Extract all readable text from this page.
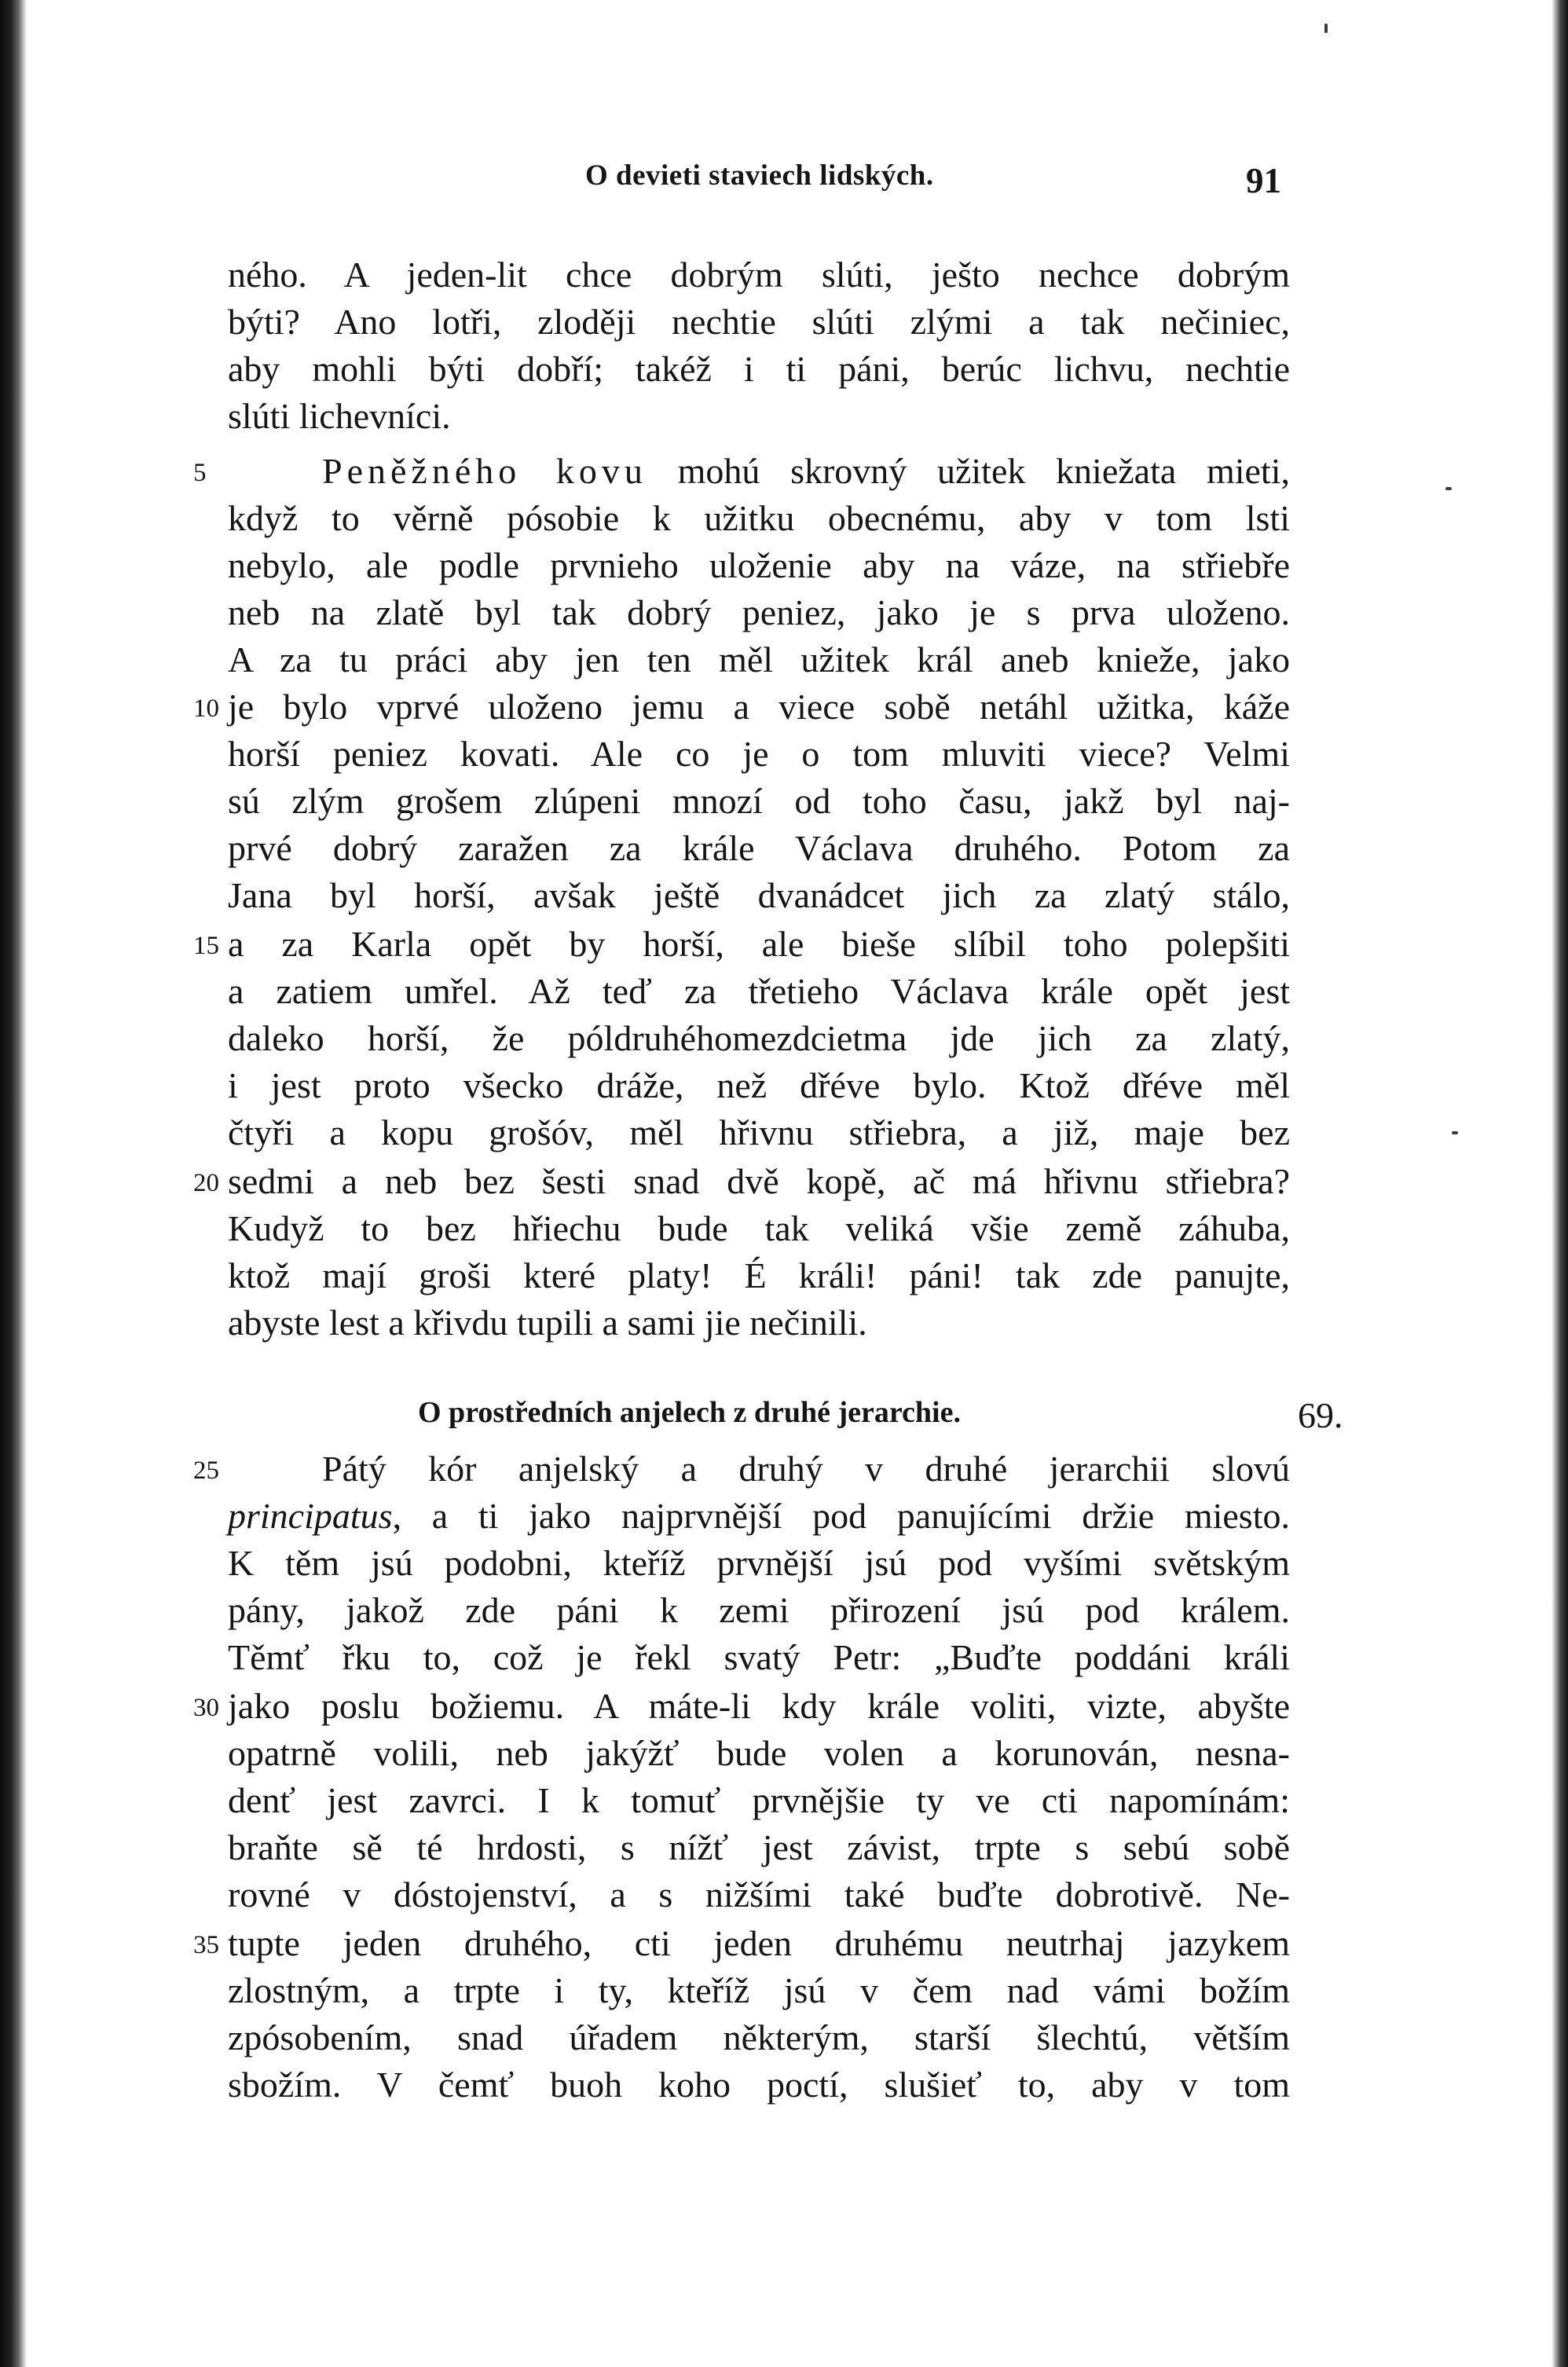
O devieti staviech lidských.	91
ného. A jeden-lit chce dobrým slúti, ješto nechce dobrým
býti? Ano lotři, zloději nechtie slúti zlými a tak nečiniec,
aby mohli býti dobří; takéž i ti páni, berúc lichvu, nechtie
slúti lichevníci.
5	Peněžného kovu mohú skrovný užitek kniežata mieti,
když to věrně pósobie k užitku obecnému, aby v tom lsti
nebylo, ale podle prvnieho uloženie aby na váze, na střiebře
neb na zlatě byl tak dobrý peniez, jako je s prva uloženo.
A za tu práci aby jen ten měl užitek král aneb knieže, jako
10 je bylo vprvé uloženo jemu a viece sobě netáhl užitka, káže
horší peniez kovati. Ale co je o tom mluviti viece? Velmi
sú zlým grošem zlúpeni mnozí od toho času, jakž byl naj-
prvé dobrý zaražen za krále Václava druhého. Potom za
Jana byl horší, avšak ještě dvanádcet jich za zlatý stálo,
15 a za Karla opět by horší, ale bieše slíbil toho polepšiti
a zatiem umřel. Až teď za třetieho Václava krále opět jest
daleko horší, že póldruhéhomezdcietma jde jich za zlatý,
i jest proto všecko dráže, než dřéve bylo. Ktož dřéve měl
čtyři a kopu grošóv, měl hřivnu střiebra, a již, maje bez
20 sedmi a neb bez šesti snad dvě kopě, ač má hřivnu střiebra?
Kudyž to bez hřiechu bude tak veliká všie země záhuba,
ktož mají groši které platy! É králi! páni! tak zde panujte,
abyste lest a křivdu tupili a sami jie nečinili.
O prostředních anjelech z druhé jerarchie.	69.
25	Pátý kór anjelský a druhý v druhé jerarchii slovú
principatus, a ti jako najprvnější pod panujícími držie miesto.
K těm jsú podobni, kteříž prvnější jsú pod vyšími světským
pány, jakož zde páni k zemi přirození jsú pod králem.
Těmť řku to, což je řekl svatý Petr: „Buďte poddáni králi
30 jako poslu božiemu. A máte-li kdy krále voliti, vizte, abyšte
opatrně volili, neb jakýžť bude volen a korunován, nesna-
denť jest zavrci. I k tomuť prvnějšie ty ve cti napomínám:
braňte sě té hrdosti, s nížť jest závist, trpte s sebú sobě
rovné v dóstojenství, a s nižšími také buďte dobrotivě. Ne-
35 tupte jeden druhého, cti jeden druhému neutrhaj jazykem
zlostným, a trpte i ty, kteříž jsú v čem nad vámi božím
zpósobením, snad úřadem některým, starší šlechtú, větším
sbožím. V čemť buoh koho poctí, slušieť to, aby v tom
